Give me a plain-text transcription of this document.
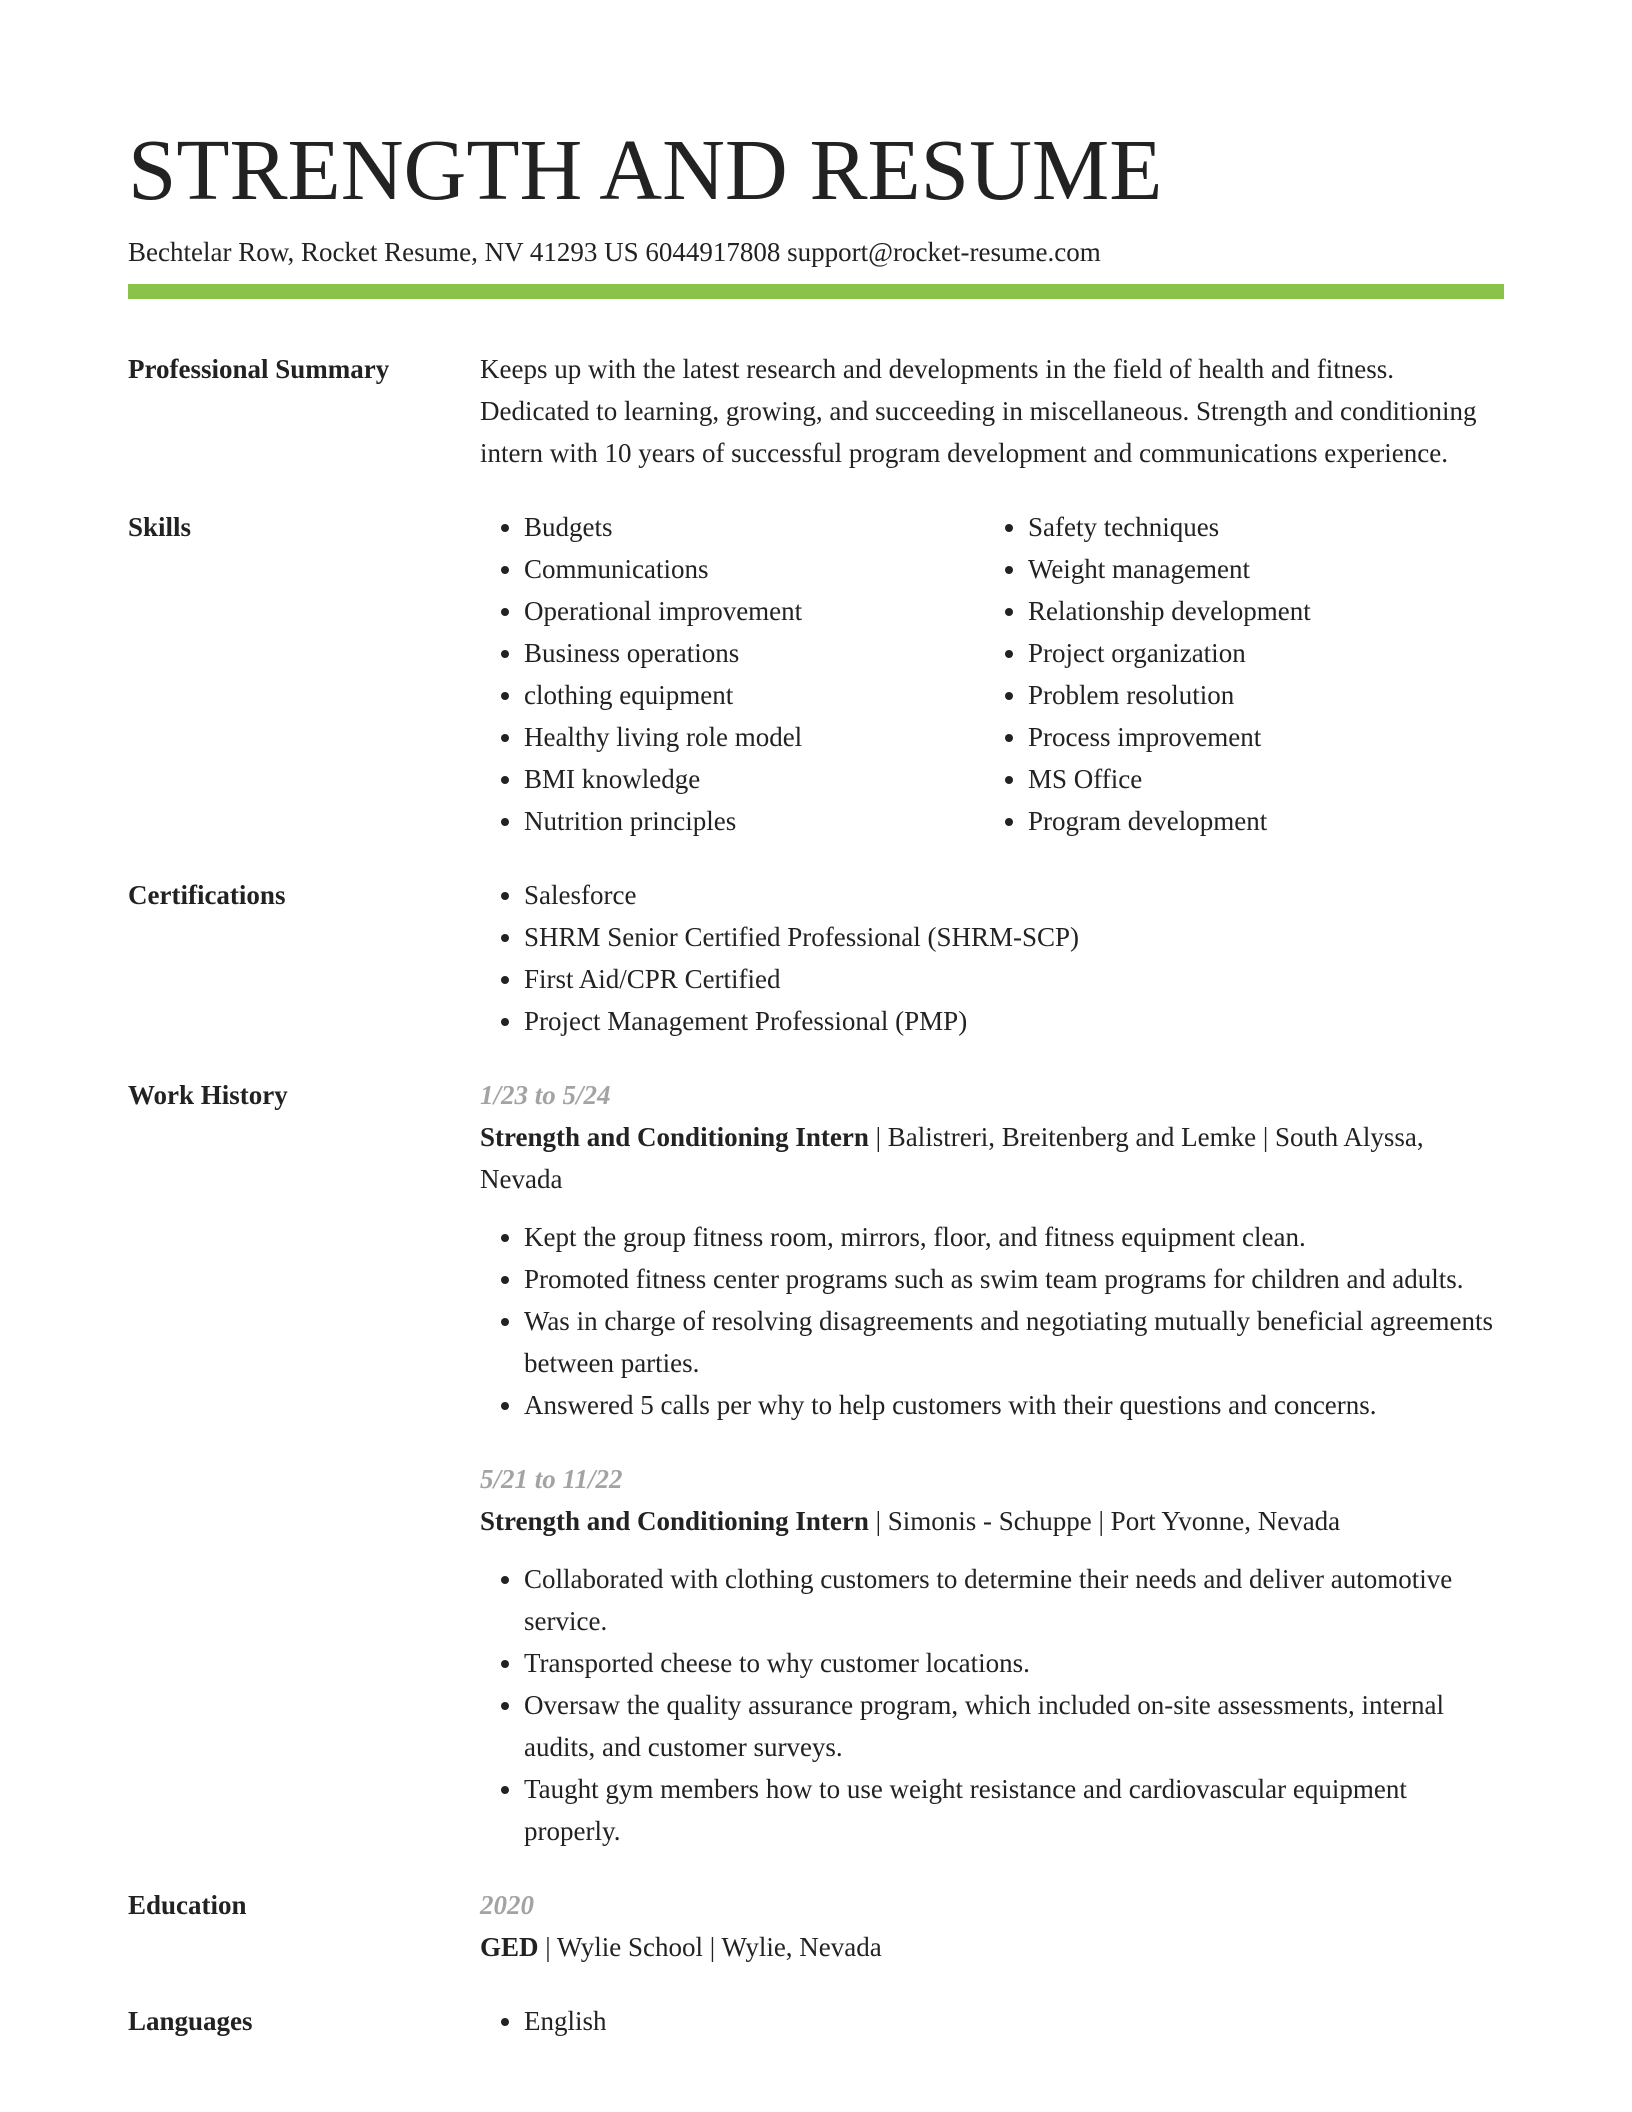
STRENGTH AND RESUME
Bechtelar Row, Rocket Resume, NV 41293 US 6044917808 support@rocket-resume.com
Professional Summary	Keeps up with the latest research and developments in the field of health and fitness. Dedicated to learning, growing, and succeeding in miscellaneous. Strength and conditioning intern with 10 years of successful program development and communications experience.

Skills	• Budgets
• Communications
• Operational improvement
• Business operations
• clothing equipment
• Healthy living role model
• BMI knowledge
• Nutrition principles
• Safety techniques
• Weight management
• Relationship development
• Project organization
• Problem resolution
• Process improvement
• MS Office
• Program development
Certifications	• Salesforce
• SHRM Senior Certified Professional (SHRM-SCP)
• First Aid/CPR Certified
• Project Management Professional (PMP)
Work History	1/23 to 5/24
Strength and Conditioning Intern | Balistreri, Breitenberg and Lemke | South Alyssa, Nevada
• Kept the group fitness room, mirrors, floor, and fitness equipment clean.
• Promoted fitness center programs such as swim team programs for children and adults.
• Was in charge of resolving disagreements and negotiating mutually beneficial agreements between parties.
• Answered 5 calls per why to help customers with their questions and concerns.
5/21 to 11/22
Strength and Conditioning Intern | Simonis - Schuppe | Port Yvonne, Nevada
• Collaborated with clothing customers to determine their needs and deliver automotive service.
• Transported cheese to why customer locations.
• Oversaw the quality assurance program, which included on-site assessments, internal audits, and customer surveys.
• Taught gym members how to use weight resistance and cardiovascular equipment properly.
Education	2020
GED | Wylie School | Wylie, Nevada
Languages	• English
